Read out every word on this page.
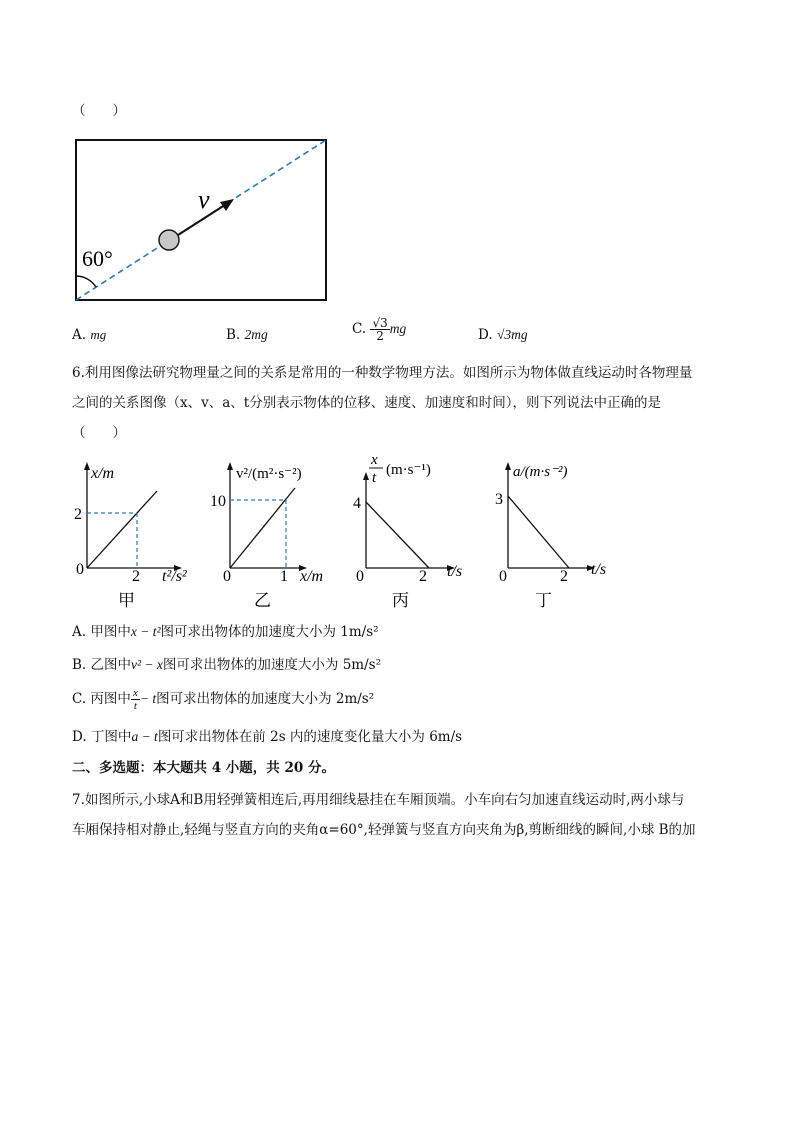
（　　）
60°
v
A. mg	B. 2mg	C. $\frac{√3}{2}$ mg	D. √3mg
6.利用图像法研究物理量之间的关系是常用的一种数学物理方法。如图所示为物体做直线运动时各物理量
之间的关系图像（x、v、a、t分别表示物体的位移、速度、加速度和时间），则下列说法中正确的是
（　　）
x/m
2
0	2 t²/s²
甲
v²/(m²·s⁻²)
10
0	1 x/m
乙
x
t (m·s⁻¹)
4
0	2 t/s
丙
a/(m·s⁻²)
3
0	2 t/s
丁
A. 甲图中x − t²图可求出物体的加速度大小为 1m/s²
B. 乙图中v² − x图可求出物体的加速度大小为 5m/s²
C. 丙图中 $\frac{x}{t} - t$图可求出物体的加速度大小为 2m/s²
D. 丁图中a − t图可求出物体在前 2s 内的速度变化量大小为 6m/s
二、多选题：本大题共 4 小题，共 20 分。
7.如图所示,小球A和B用轻弹簧相连后,再用细线悬挂在车厢顶端。小车向右匀加速直线运动时,两小球与
车厢保持相对静止,轻绳与竖直方向的夹角α=60°,轻弹簧与竖直方向夹角为β,剪断细线的瞬间,小球 B的加
